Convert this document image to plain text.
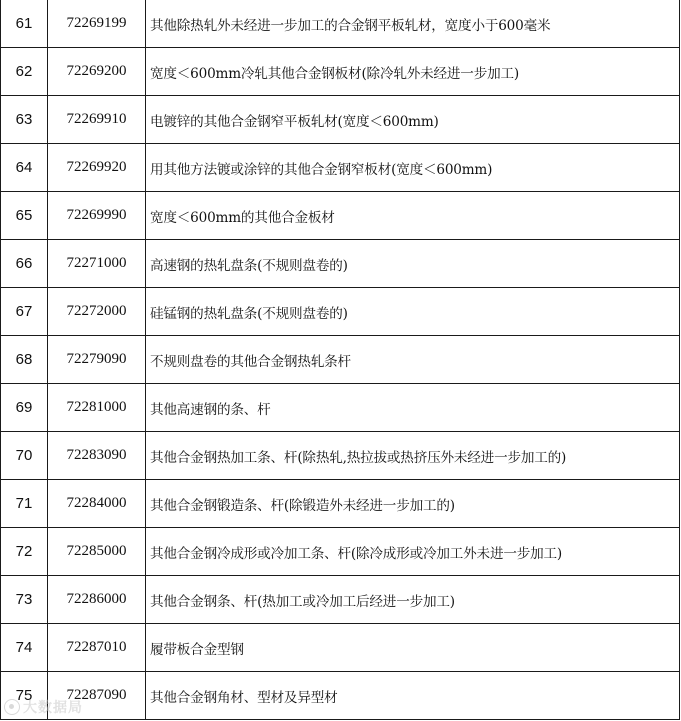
61	72269199	其他除热轧外未经进一步加工的合金钢平板轧材，宽度小于600毫米
62	72269200	宽度＜600mm冷轧其他合金钢板材(除冷轧外未经进一步加工)
63	72269910	电镀锌的其他合金钢窄平板轧材(宽度＜600mm)
64	72269920	用其他方法镀或涂锌的其他合金钢窄板材(宽度＜600mm)
65	72269990	宽度＜600mm的其他合金板材
66	72271000	高速钢的热轧盘条(不规则盘卷的)
67	72272000	硅锰钢的热轧盘条(不规则盘卷的)
68	72279090	不规则盘卷的其他合金钢热轧条杆
69	72281000	其他高速钢的条、杆
70	72283090	其他合金钢热加工条、杆(除热轧,热拉拔或热挤压外未经进一步加工的)
71	72284000	其他合金钢锻造条、杆(除锻造外未经进一步加工的)
72	72285000	其他合金钢冷成形或冷加工条、杆(除冷成形或冷加工外未进一步加工)
73	72286000	其他合金钢条、杆(热加工或冷加工后经进一步加工)
74	72287010	履带板合金型钢
75	72287090	其他合金钢角材、型材及异型材
大数据局
